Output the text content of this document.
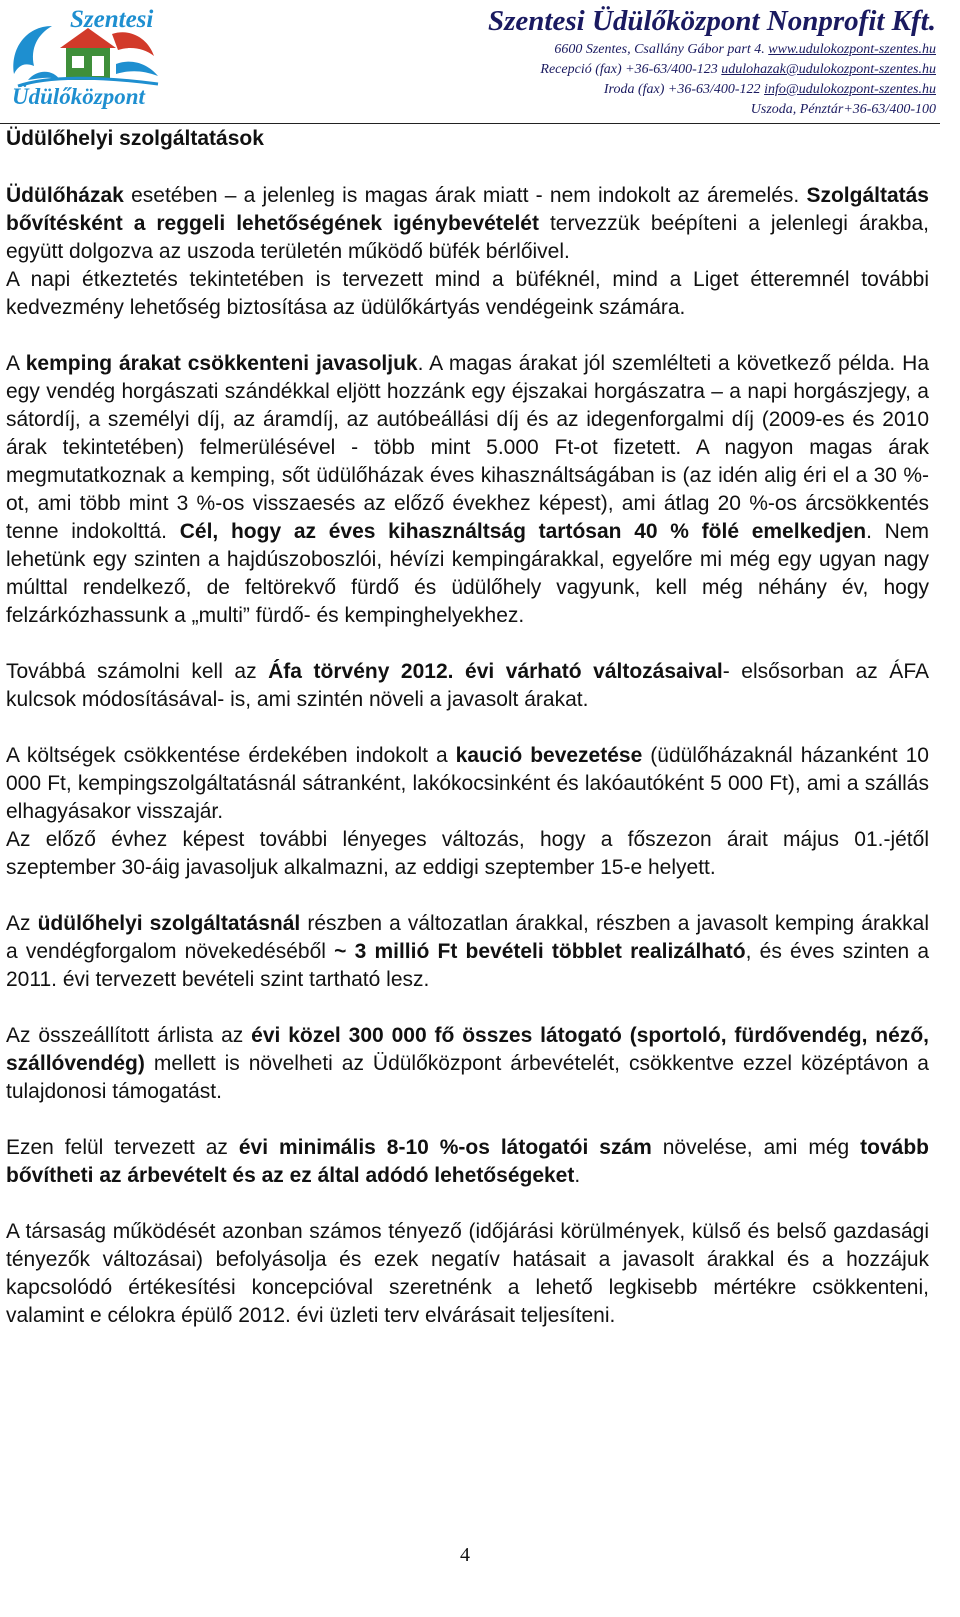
Szentesi
Üdülőközpont
Szentesi Üdülőközpont Nonprofit Kft.
6600 Szentes, Csallány Gábor part 4. www.udulokozpont-szentes.hu
Recepció (fax) +36-63/400-123 udulohazak@udulokozpont-szentes.hu
Iroda (fax) +36-63/400-122 info@udulokozpont-szentes.hu
Uszoda, Pénztár+36-63/400-100
Üdülőhelyi szolgáltatások

Üdülőházak esetében – a jelenleg is magas árak miatt - nem indokolt az áremelés. Szolgáltatás bővítésként a reggeli lehetőségének igénybevételét tervezzük beépíteni a jelenlegi árakba, együtt dolgozva az uszoda területén működő büfék bérlőivel.

A napi étkeztetés tekintetében is tervezett mind a büféknél, mind a Liget étteremnél további kedvezmény lehetőség biztosítása az üdülőkártyás vendégeink számára.

A kemping árakat csökkenteni javasoljuk. A magas árakat jól szemlélteti a következő példa. Ha egy vendég horgászati szándékkal eljött hozzánk egy éjszakai horgászatra – a napi horgászjegy, a sátordíj, a személyi díj, az áramdíj, az autóbeállási díj és az idegenforgalmi díj (2009-es és 2010 árak tekintetében) felmerülésével - több mint 5.000 Ft-ot fizetett. A nagyon magas árak megmutatkoznak a kemping, sőt üdülőházak éves kihasználtságában is (az idén alig éri el a 30 %-ot, ami több mint 3 %-os visszaesés az előző évekhez képest), ami átlag 20 %-os árcsökkentés tenne indokolttá. Cél, hogy az éves kihasználtság tartósan 40 % fölé emelkedjen. Nem lehetünk egy szinten a hajdúszoboszlói, hévízi kempingárakkal, egyelőre mi még egy ugyan nagy múlttal rendelkező, de feltörekvő fürdő és üdülőhely vagyunk, kell még néhány év, hogy felzárkózhassunk a „multi” fürdő- és kempinghelyekhez.

Továbbá számolni kell az Áfa törvény 2012. évi várható változásaival- elsősorban az ÁFA kulcsok módosításával- is, ami szintén növeli a javasolt árakat.

A költségek csökkentése érdekében indokolt a kaució bevezetése (üdülőházaknál házanként 10 000 Ft, kempingszolgáltatásnál sátranként, lakókocsinként és lakóautóként 5 000 Ft), ami a szállás elhagyásakor visszajár.

Az előző évhez képest további lényeges változás, hogy a főszezon árait május 01.-jétől szeptember 30-áig javasoljuk alkalmazni, az eddigi szeptember 15-e helyett.

Az üdülőhelyi szolgáltatásnál részben a változatlan árakkal, részben a javasolt kemping árakkal a vendégforgalom növekedéséből ~ 3 millió Ft bevételi többlet realizálható, és éves szinten a 2011. évi tervezett bevételi szint tartható lesz.

Az összeállított árlista az évi közel 300 000 fő összes látogató (sportoló, fürdővendég, néző, szállóvendég) mellett is növelheti az Üdülőközpont árbevételét, csökkentve ezzel középtávon a tulajdonosi támogatást.

Ezen felül tervezett az évi minimális 8-10 %-os látogatói szám növelése, ami még tovább bővítheti az árbevételt és az ez által adódó lehetőségeket.

A társaság működését azonban számos tényező (időjárási körülmények, külső és belső gazdasági tényezők változásai) befolyásolja és ezek negatív hatásait a javasolt árakkal és a hozzájuk kapcsolódó értékesítési koncepcióval szeretnénk a lehető legkisebb mértékre csökkenteni, valamint e célokra épülő 2012. évi üzleti terv elvárásait teljesíteni.

4
